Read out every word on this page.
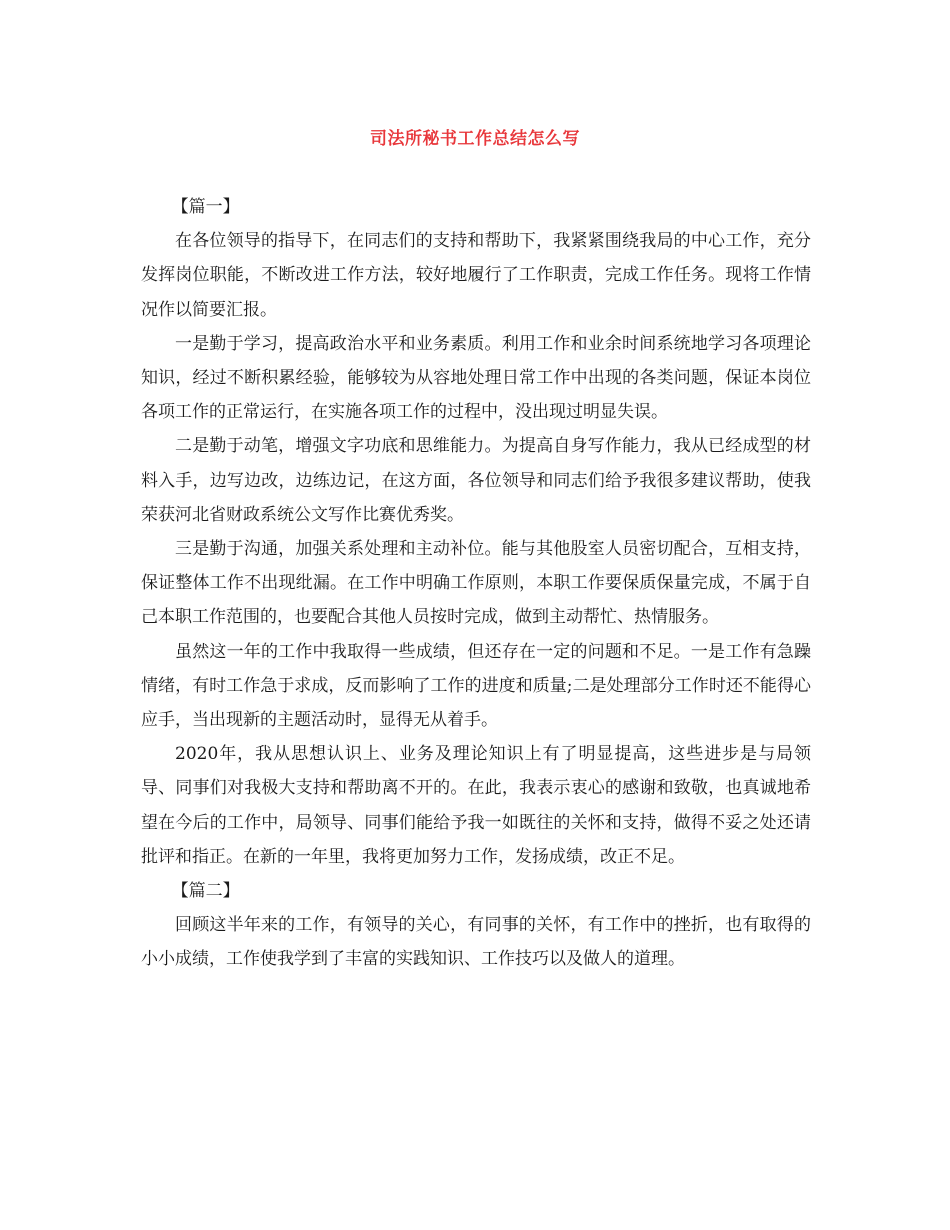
司法所秘书工作总结怎么写

【篇一】

在各位领导的指导下，在同志们的支持和帮助下，我紧紧围绕我局的中心工作，充分发挥岗位职能，不断改进工作方法，较好地履行了工作职责，完成工作任务。现将工作情况作以简要汇报。

一是勤于学习，提高政治水平和业务素质。利用工作和业余时间系统地学习各项理论知识，经过不断积累经验，能够较为从容地处理日常工作中出现的各类问题，保证本岗位各项工作的正常运行，在实施各项工作的过程中，没出现过明显失误。

二是勤于动笔，增强文字功底和思维能力。为提高自身写作能力，我从已经成型的材料入手，边写边改，边练边记，在这方面，各位领导和同志们给予我很多建议帮助，使我荣获河北省财政系统公文写作比赛优秀奖。

三是勤于沟通，加强关系处理和主动补位。能与其他股室人员密切配合，互相支持，保证整体工作不出现纰漏。在工作中明确工作原则，本职工作要保质保量完成，不属于自己本职工作范围的，也要配合其他人员按时完成，做到主动帮忙、热情服务。

虽然这一年的工作中我取得一些成绩，但还存在一定的问题和不足。一是工作有急躁情绪，有时工作急于求成，反而影响了工作的进度和质量;二是处理部分工作时还不能得心应手，当出现新的主题活动时，显得无从着手。

2020年，我从思想认识上、业务及理论知识上有了明显提高，这些进步是与局领导、同事们对我极大支持和帮助离不开的。在此，我表示衷心的感谢和致敬，也真诚地希望在今后的工作中，局领导、同事们能给予我一如既往的关怀和支持，做得不妥之处还请批评和指正。在新的一年里，我将更加努力工作，发扬成绩，改正不足。

【篇二】

回顾这半年来的工作，有领导的关心，有同事的关怀，有工作中的挫折，也有取得的小小成绩，工作使我学到了丰富的实践知识、工作技巧以及做人的道理。
